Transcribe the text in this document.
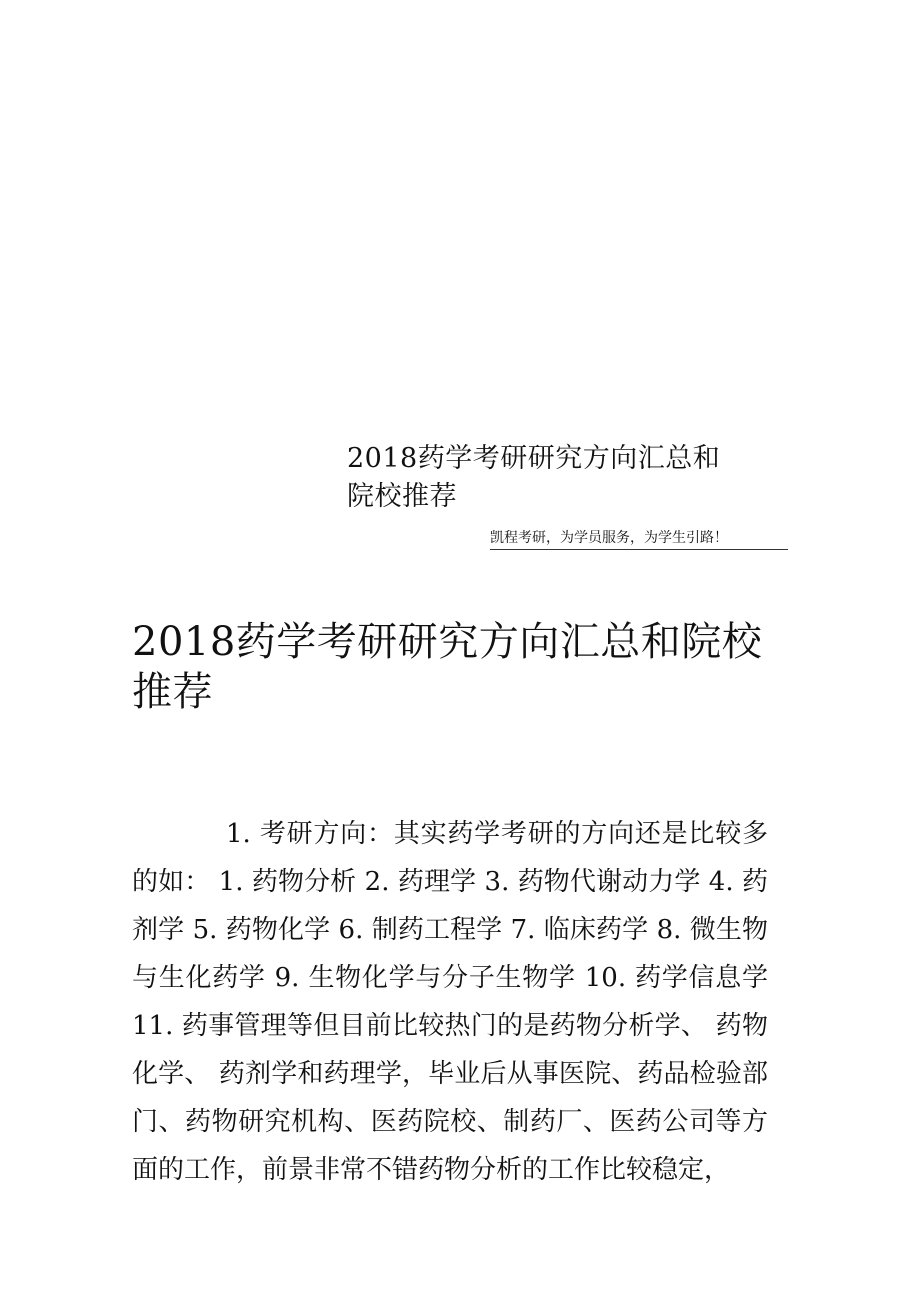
2018药学考研研究方向汇总和院校推荐
凯程考研，为学员服务，为学生引路！
2018药学考研研究方向汇总和院校推荐
1. 考研方向：其实药学考研的方向还是比较多的如： 1. 药物分析 2. 药理学 3. 药物代谢动力学 4. 药剂学 5. 药物化学 6. 制药工程学 7. 临床药学 8. 微生物与生化药学 9. 生物化学与分子生物学 10. 药学信息学 11. 药事管理等但目前比较热门的是药物分析学、 药物化学、 药剂学和药理学，毕业后从事医院、药品检验部门、药物研究机构、医药院校、制药厂、医药公司等方面的工作，前景非常不错药物分析的工作比较稳定，
